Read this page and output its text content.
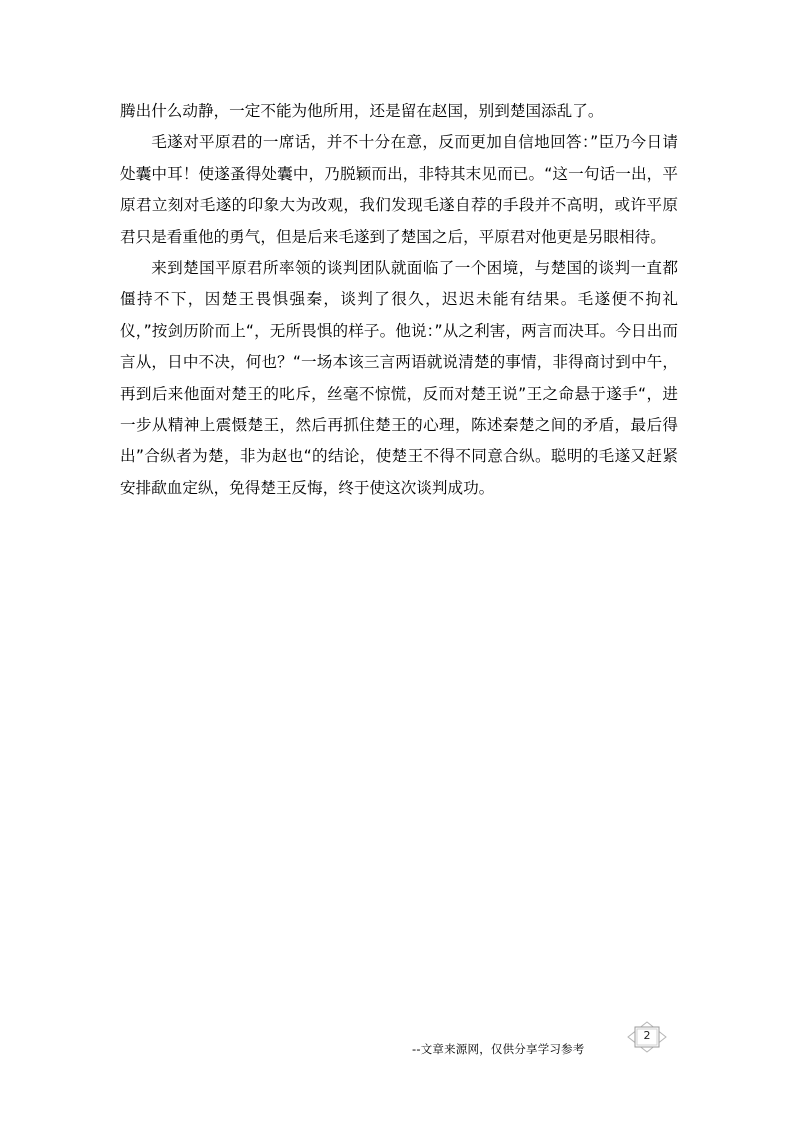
腾出什么动静，一定不能为他所用，还是留在赵国，别到楚国添乱了。

毛遂对平原君的一席话，并不十分在意，反而更加自信地回答：”臣乃今日请处囊中耳！使遂蚤得处囊中，乃脱颖而出，非特其末见而已。“这一句话一出，平原君立刻对毛遂的印象大为改观，我们发现毛遂自荐的手段并不高明，或许平原君只是看重他的勇气，但是后来毛遂到了楚国之后，平原君对他更是另眼相待。

来到楚国平原君所率领的谈判团队就面临了一个困境，与楚国的谈判一直都僵持不下，因楚王畏惧强秦，谈判了很久，迟迟未能有结果。毛遂便不拘礼仪，”按剑历阶而上“，无所畏惧的样子。他说：”从之利害，两言而决耳。今日出而言从，日中不决，何也？“一场本该三言两语就说清楚的事情，非得商讨到中午，再到后来他面对楚王的叱斥，丝毫不惊慌，反而对楚王说”王之命悬于遂手“，进一步从精神上震慑楚王，然后再抓住楚王的心理，陈述秦楚之间的矛盾，最后得出”合纵者为楚，非为赵也“的结论，使楚王不得不同意合纵。聪明的毛遂又赶紧安排歃血定纵，免得楚王反悔，终于使这次谈判成功。

--文章来源网，仅供分享学习参考
2
